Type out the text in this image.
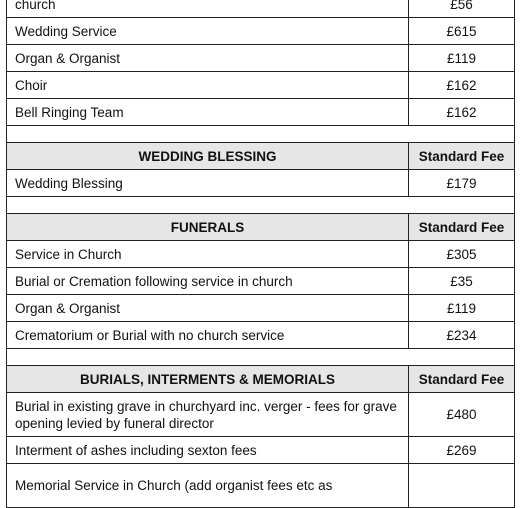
church	£56
Wedding Service	£615
Organ & Organist	£119
Choir	£162
Bell Ringing Team	£162

WEDDING BLESSING	Standard Fee
Wedding Blessing	£179

FUNERALS	Standard Fee
Service in Church	£305
Burial or Cremation following service in church	£35
Organ & Organist	£119
Crematorium or Burial with no church service	£234

BURIALS, INTERMENTS & MEMORIALS	Standard Fee
Burial in existing grave in churchyard inc. verger - fees for grave opening levied by funeral director	£480
Interment of ashes including sexton fees	£269
Memorial Service in Church (add organist fees etc as	
